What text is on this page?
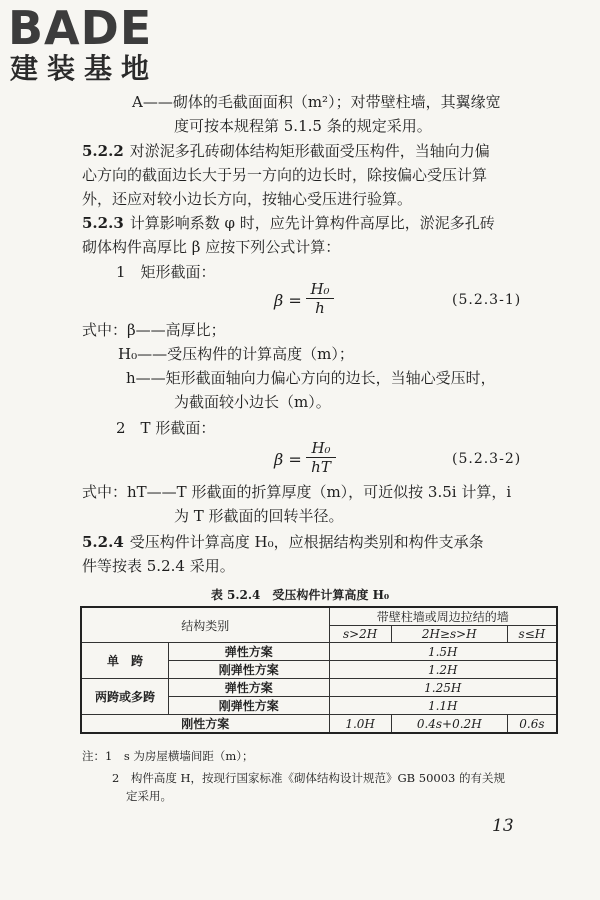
BADE
建装基地
A——砌体的毛截面面积（m²）；对带壁柱墙，其翼缘宽
度可按本规程第 5.1.5 条的规定采用。
5.2.2 对淤泥多孔砖砌体结构矩形截面受压构件，当轴向力偏
心方向的截面边长大于另一方向的边长时，除按偏心受压计算
外，还应对较小边长方向，按轴心受压进行验算。
5.2.3 计算影响系数 φ 时，应先计算构件高厚比，淤泥多孔砖
砌体构件高厚比 β 应按下列公式计算：
1　矩形截面：
$\beta = \frac{\text{H₀}}{h}$	(5.2.3-1)
式中：β——高厚比；
H₀——受压构件的计算高度（m）；
h——矩形截面轴向力偏心方向的边长，当轴心受压时，
为截面较小边长（m）。
2　T 形截面：
$\beta = \frac{\text{H₀}}{hT}$	(5.2.3-2)
式中：hT——T 形截面的折算厚度（m），可近似按 3.5i 计算，i
为 T 形截面的回转半径。
5.2.4 受压构件计算高度 H₀，应根据结构类别和构件支承条
件等按表 5.2.4 采用。
表 5.2.4　受压构件计算高度 H₀
结构类别		带壁柱墙或周边拉结的墙		
		s>2H	2H≥s>H	s≤H
单　跨	弹性方案	1.5H		
	刚弹性方案	1.2H		
两跨或多跨	弹性方案	1.25H		
	刚弹性方案	1.1H		
刚性方案		1.0H	0.4s+0.2H	0.6s
注：1　s 为房屋横墙间距（m）；
2　构件高度 H，按现行国家标准《砌体结构设计规范》GB 50003 的有关规
定采用。
13
